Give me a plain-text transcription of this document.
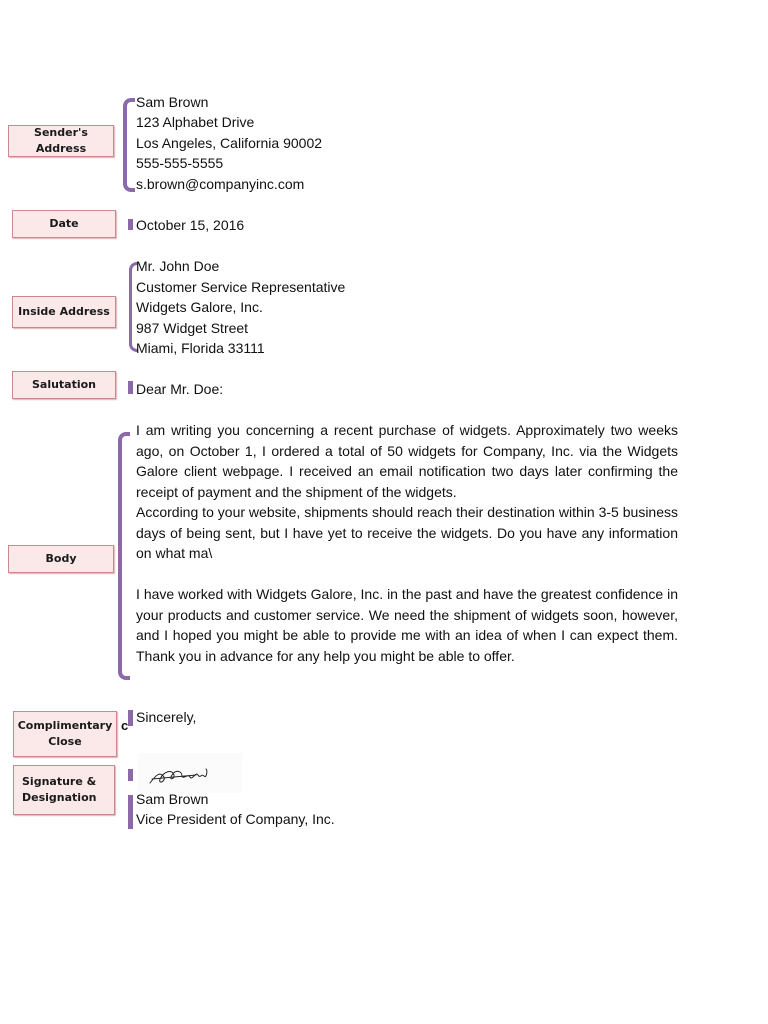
Sender's Address
Date
Inside Address
Salutation
Body
Complimentary
Close
c
Signature &
Designation
Sam Brown
123 Alphabet Drive
Los Angeles, California 90002
555-555-5555
s.brown@companyinc.com
October 15, 2016
Mr. John Doe
Customer Service Representative
Widgets Galore, Inc.
987 Widget Street
Miami, Florida 33111
Dear Mr. Doe:
I am writing you concerning a recent purchase of widgets. Approximately two weeks ago, on October 1, I ordered a total of 50 widgets for Company, Inc. via the Widgets Galore client webpage. I received an email notification two days later confirming the receipt of payment and the shipment of the widgets.
According to your website, shipments should reach their destination within 3-5 business days of being sent, but I have yet to receive the widgets. Do you have any information on what ma\
I have worked with Widgets Galore, Inc. in the past and have the greatest confidence in your products and customer service. We need the shipment of widgets soon, however, and I hoped you might be able to provide me with an idea of when I can expect them. Thank you in advance for any help you might be able to offer.
Sincerely,
Sam Brown
Vice President of Company, Inc.
